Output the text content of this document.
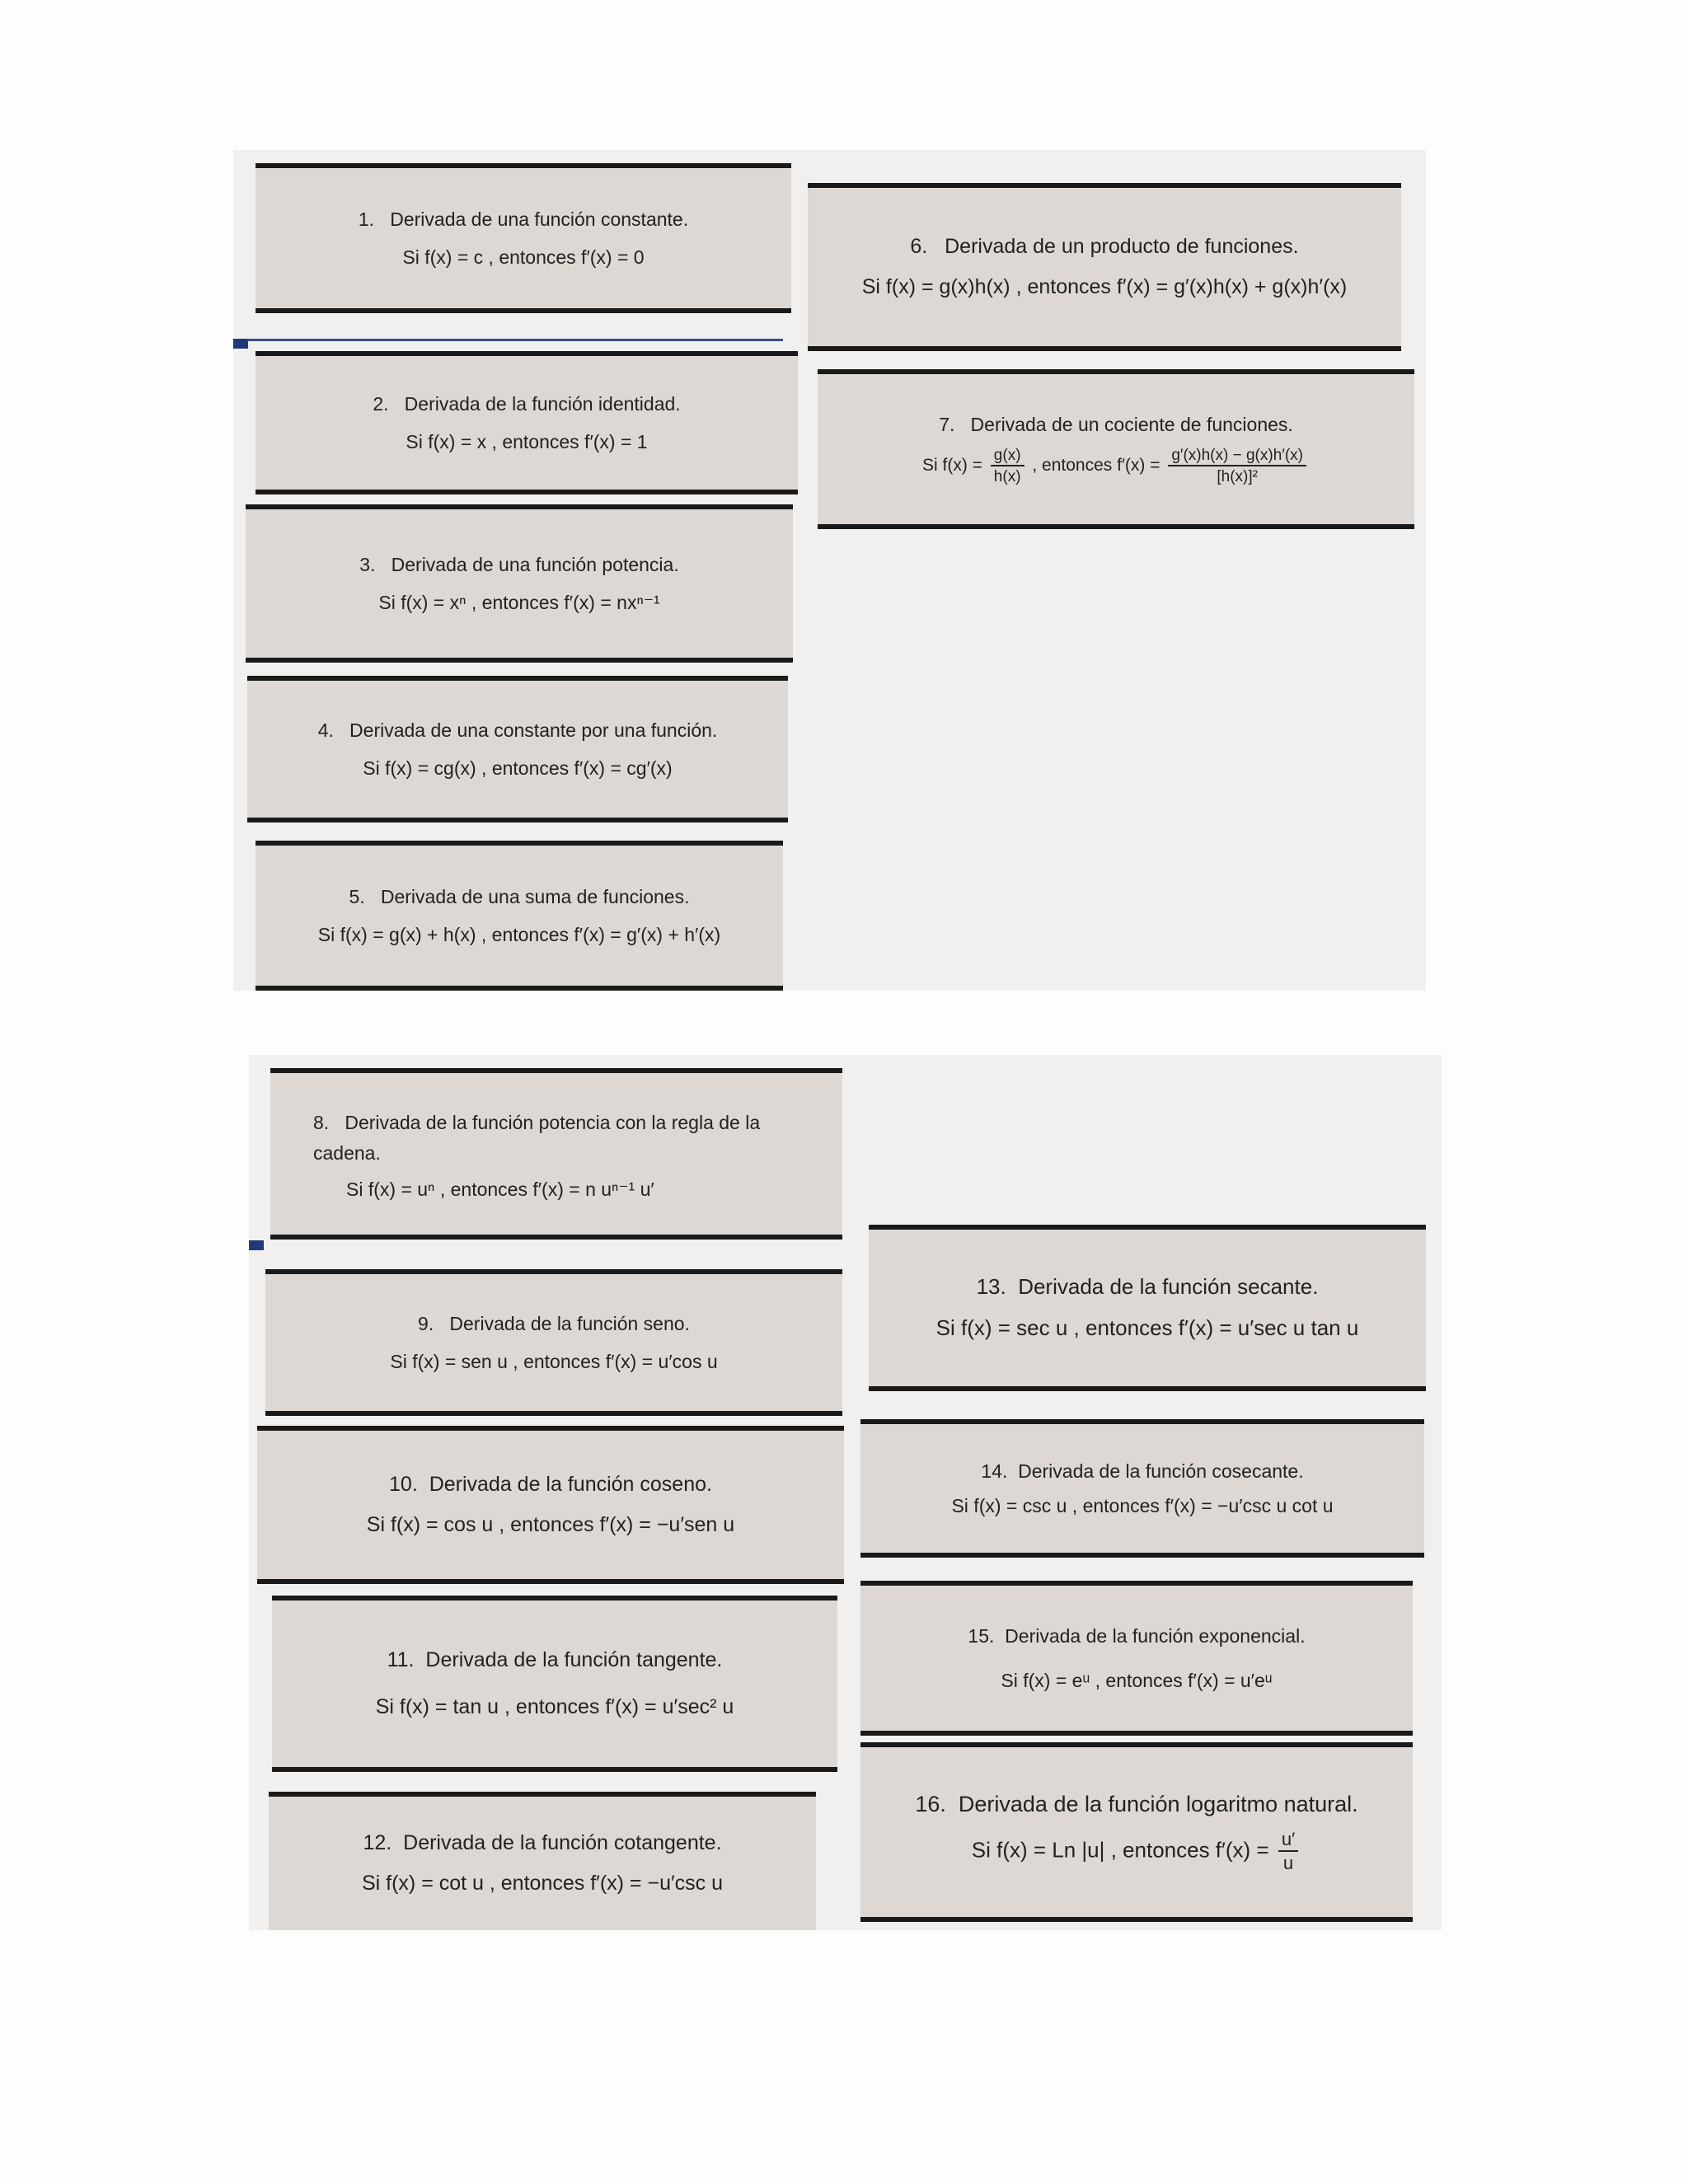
1. Derivada de una función constante.
Si f(x) = c , entonces f′(x) = 0
2. Derivada de la función identidad.
Si f(x) = x , entonces f′(x) = 1
3. Derivada de una función potencia.
Si f(x) = xⁿ , entonces f′(x) = nxⁿ⁻¹
4. Derivada de una constante por una función.
Si f(x) = cg(x) , entonces f′(x) = cg′(x)
5. Derivada de una suma de funciones.
Si f(x) = g(x) + h(x) , entonces f′(x) = g′(x) + h′(x)
6. Derivada de un producto de funciones.
Si f(x) = g(x)h(x) , entonces f′(x) = g′(x)h(x) + g(x)h′(x)
7. Derivada de un cociente de funciones.
Si $f(x) = \frac{g(x)}{h(x)}$ , entonces $f'(x) = \frac{g'(x)h(x) - g(x)h'(x)}{\text{[h(x)]²}}$
8. Derivada de la función potencia con la regla de la cadena.
Si f(x) = uⁿ , entonces f′(x) = n uⁿ⁻¹ u′
9. Derivada de la función seno.
Si f(x) = sen u , entonces f′(x) = u′cos u
10. Derivada de la función coseno.
Si f(x) = cos u , entonces f′(x) = −u′sen u
11. Derivada de la función tangente.
Si f(x) = tan u , entonces f′(x) = u′sec² u
12. Derivada de la función cotangente.
Si f(x) = cot u , entonces f′(x) = −u′csc u
13. Derivada de la función secante.
Si f(x) = sec u , entonces f′(x) = u′sec u tan u
14. Derivada de la función cosecante.
Si f(x) = csc u , entonces f′(x) = −u′csc u cot u
15. Derivada de la función exponencial.
Si f(x) = eᵘ , entonces f′(x) = u′eᵘ
16. Derivada de la función logaritmo natural.
Si f(x) = Ln |u| , entonces $f'(x) = \frac{u'}{u}$
